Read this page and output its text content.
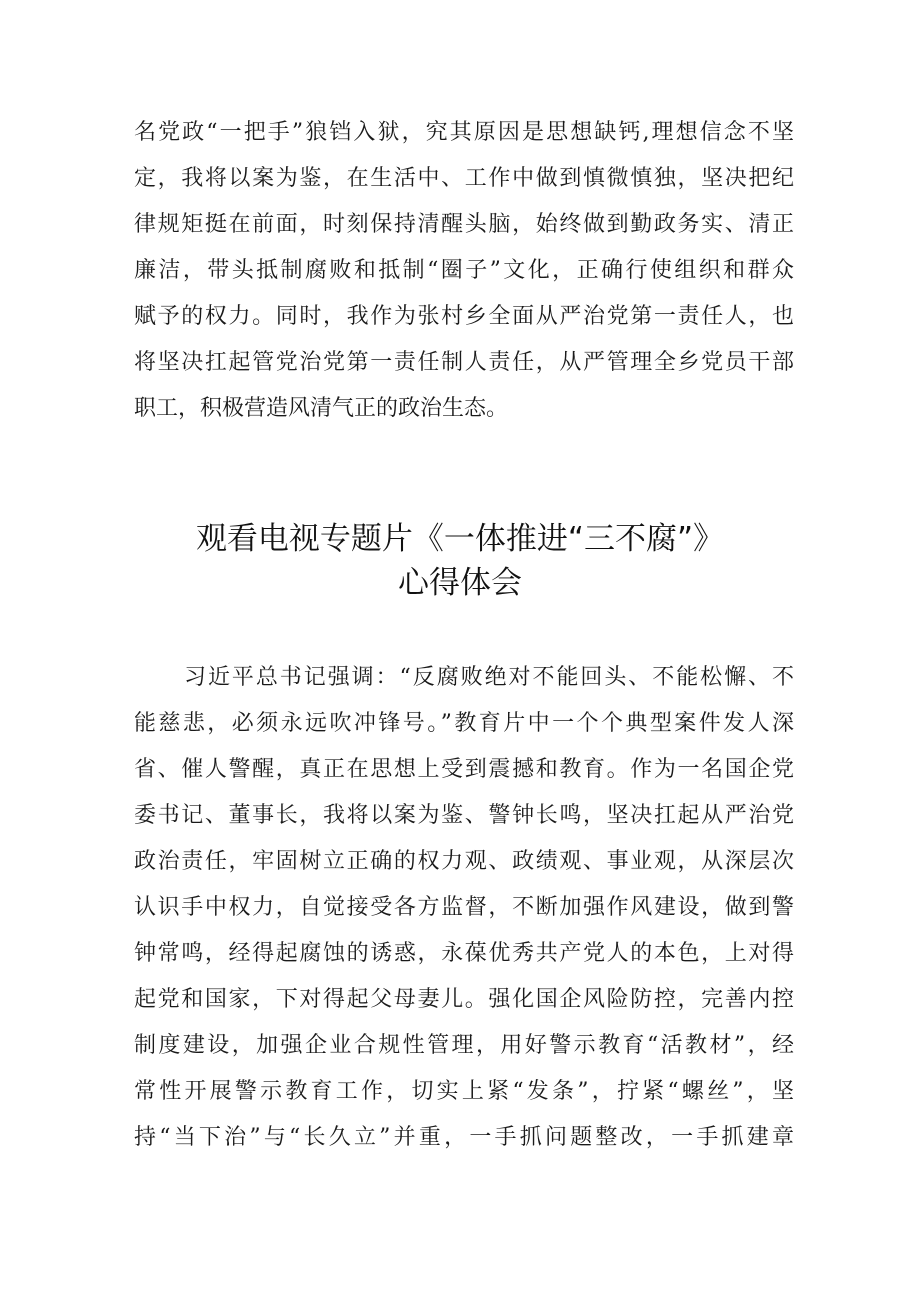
名党政“一把手”狼铛入狱，究其原因是思想缺钙,理想信念不坚
定，我将以案为鉴，在生活中、工作中做到慎微慎独，坚决把纪
律规矩挺在前面，时刻保持清醒头脑，始终做到勤政务实、清正
廉洁，带头抵制腐败和抵制“圈子”文化，正确行使组织和群众
赋予的权力。同时，我作为张村乡全面从严治党第一责任人，也
将坚决扛起管党治党第一责任制人责任，从严管理全乡党员干部
职工，积极营造风清气正的政治生态。
观看电视专题片《一体推进“三不腐”》
心得体会
习近平总书记强调：“反腐败绝对不能回头、不能松懈、不
能慈悲，必须永远吹冲锋号。”教育片中一个个典型案件发人深
省、催人警醒，真正在思想上受到震撼和教育。作为一名国企党
委书记、董事长，我将以案为鉴、警钟长鸣，坚决扛起从严治党
政治责任，牢固树立正确的权力观、政绩观、事业观，从深层次
认识手中权力，自觉接受各方监督，不断加强作风建设，做到警
钟常鸣，经得起腐蚀的诱惑，永葆优秀共产党人的本色，上对得
起党和国家，下对得起父母妻儿。强化国企风险防控，完善内控
制度建设，加强企业合规性管理，用好警示教育“活教材”，经
常性开展警示教育工作，切实上紧“发条”，拧紧“螺丝”，坚
持“当下治”与“长久立”并重，一手抓问题整改，一手抓建章
